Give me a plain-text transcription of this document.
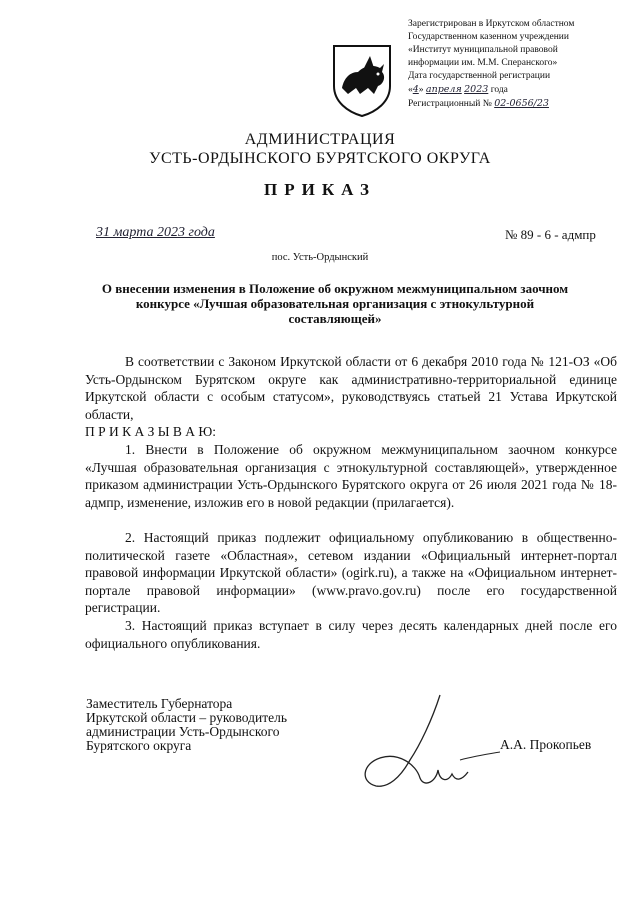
Зарегистрирован в Иркутском областном
Государственном казенном учреждении
«Институт муниципальной правовой
информации им. М.М. Сперанского»
Дата государственной регистрации
«4» апреля 2023 года
Регистрационный № 02-0656/23
АДМИНИСТРАЦИЯ
УСТЬ-ОРДЫНСКОГО БУРЯТСКОГО ОКРУГА
ПРИКАЗ
31 марта 2023 года	№ 89 - 6 - адмпр
пос. Усть-Ордынский
О внесении изменения в Положение об окружном межмуниципальном заочном конкурсе «Лучшая образовательная организация с этнокультурной составляющей»
В соответствии с Законом Иркутской области от 6 декабря 2010 года № 121-ОЗ «Об Усть-Ордынском Бурятском округе как административно-территориальной единице Иркутской области с особым статусом», руководствуясь статьей 21 Устава Иркутской области,
П Р И К А З Ы В А Ю:
1. Внести в Положение об окружном межмуниципальном заочном конкурсе «Лучшая образовательная организация с этнокультурной составляющей», утвержденное приказом администрации Усть-Ордынского Бурятского округа от 26 июля 2021 года № 18-адмпр, изменение, изложив его в новой редакции (прилагается).
2. Настоящий приказ подлежит официальному опубликованию в общественно-политической газете «Областная», сетевом издании «Официальный интернет-портал правовой информации Иркутской области» (ogirk.ru), а также на «Официальном интернет-портале правовой информации» (www.pravo.gov.ru) после его государственной регистрации.
3. Настоящий приказ вступает в силу через десять календарных дней после его официального опубликования.
Заместитель Губернатора
Иркутской области – руководитель
администрации Усть-Ордынского
Бурятского округа	А.А. Прокопьев
